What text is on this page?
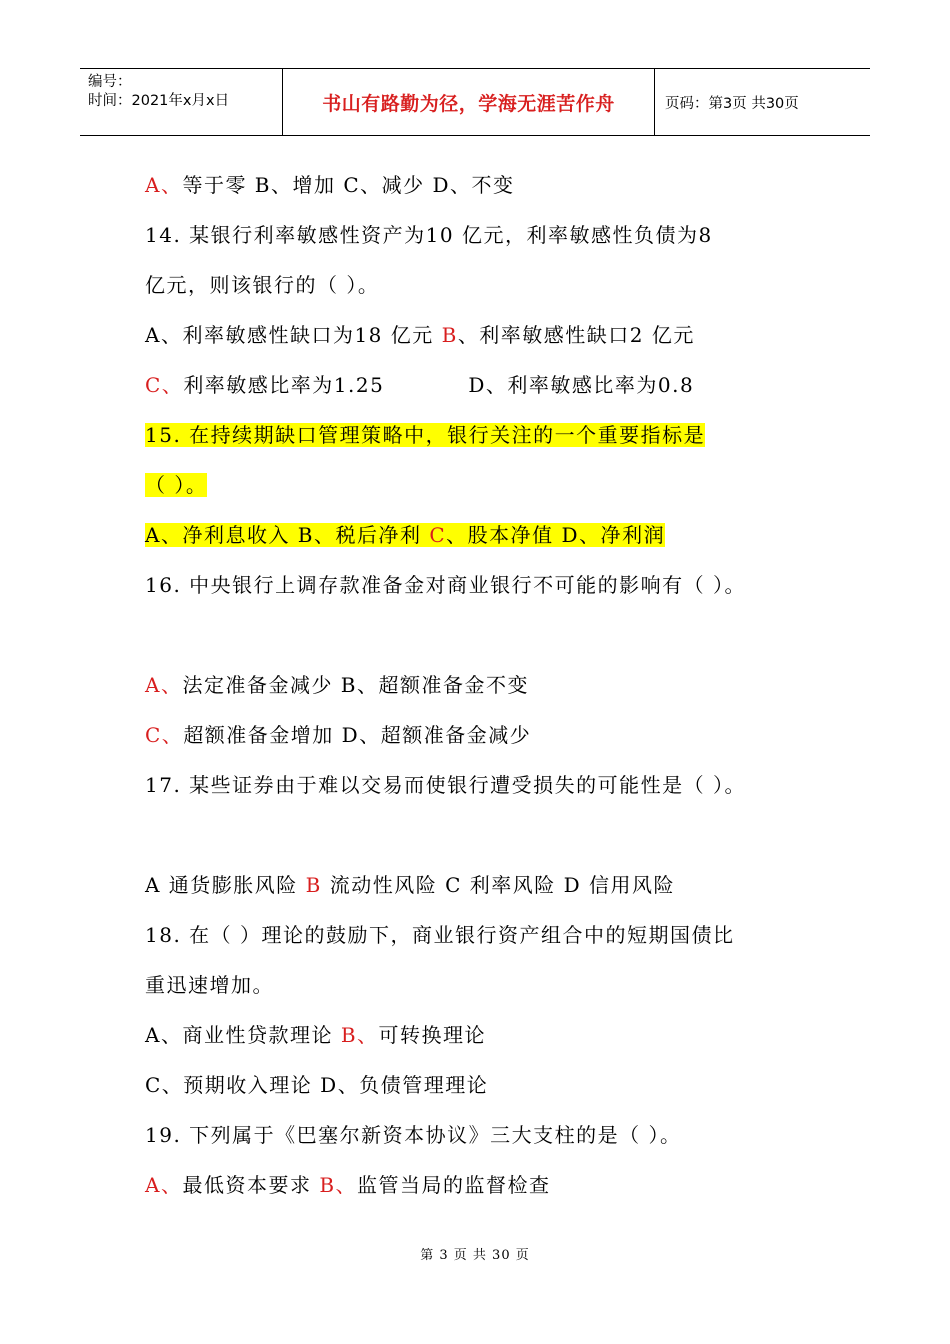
编号：
时间：2021年x月x日	书山有路勤为径，学海无涯苦作舟	页码：第3页 共30页
A、等于零 B、增加 C、减少 D、不变
14. 某银行利率敏感性资产为10 亿元，利率敏感性负债为8
亿元，则该银行的（ ）。
A、利率敏感性缺口为18 亿元 B、利率敏感性缺口2 亿元
C、利率敏感比率为1.25	D、利率敏感比率为0.8
15. 在持续期缺口管理策略中，银行关注的一个重要指标是
（ ）。
A、净利息收入 B、税后净利 C、股本净值 D、净利润
16. 中央银行上调存款准备金对商业银行不可能的影响有（ ）。
A、法定准备金减少 B、超额准备金不变
C、超额准备金增加 D、超额准备金减少
17. 某些证券由于难以交易而使银行遭受损失的可能性是（ ）。
A 通货膨胀风险 B 流动性风险 C 利率风险 D 信用风险
18. 在（ ）理论的鼓励下，商业银行资产组合中的短期国债比
重迅速增加。
A、商业性贷款理论 B、可转换理论
C、预期收入理论 D、负债管理理论
19. 下列属于《巴塞尔新资本协议》三大支柱的是（ ）。
A、最低资本要求 B、监管当局的监督检查
第 3 页 共 30 页
